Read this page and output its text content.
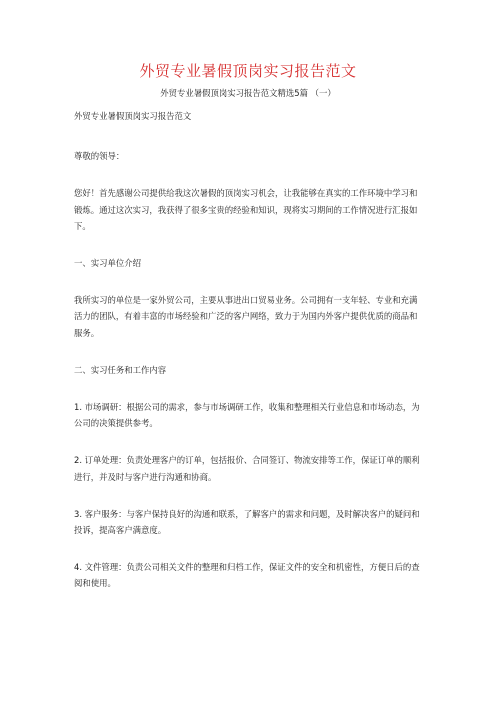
外贸专业暑假顶岗实习报告范文

外贸专业暑假顶岗实习报告范文精选5篇 （一）

外贸专业暑假顶岗实习报告范文

尊敬的领导：

您好！首先感谢公司提供给我这次暑假的顶岗实习机会，让我能够在真实的工作环境中学习和锻炼。通过这次实习，我获得了很多宝贵的经验和知识，现将实习期间的工作情况进行汇报如下。

一、实习单位介绍

我所实习的单位是一家外贸公司，主要从事进出口贸易业务。公司拥有一支年轻、专业和充满活力的团队，有着丰富的市场经验和广泛的客户网络，致力于为国内外客户提供优质的商品和服务。

二、实习任务和工作内容

1. 市场调研：根据公司的需求，参与市场调研工作，收集和整理相关行业信息和市场动态，为公司的决策提供参考。

2. 订单处理：负责处理客户的订单，包括报价、合同签订、物流安排等工作，保证订单的顺利进行，并及时与客户进行沟通和协商。

3. 客户服务：与客户保持良好的沟通和联系，了解客户的需求和问题，及时解决客户的疑问和投诉，提高客户满意度。

4. 文件管理：负责公司相关文件的整理和归档工作，保证文件的安全和机密性，方便日后的查阅和使用。
